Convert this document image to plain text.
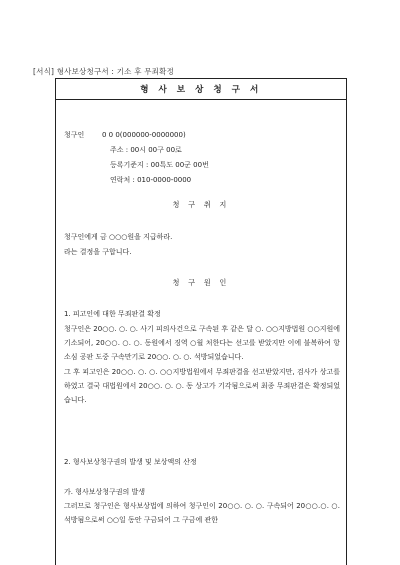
[서식] 형사보상청구서 : 기소 후 무죄확정
형 사 보 상 청 구 서
청구인	0 0 0(000000-0000000)
주소 : 00시 00구 00로
등록기준지 : 00특도 00군 00번
연락처 : 010-0000-0000
청 구 취 지
청구인에게 금 ○○○원을 지급하라.
라는 결정을 구합니다.
청 구 원 인
1. 피고인에 대한 무죄판결 확정

청구인은 20○○. ○. ○. 사기 피의사건으로 구속된 후 같은 달 ○. ○○지방법원 ○○지원에 기소되어, 20○○. ○. ○. 동원에서 징역 ○월 처한다는 선고를 받았지만 이에 불복하여 항소심 공판 도중 구속만기로 20○○. ○. ○. 석방되었습니다.

그 후 피고인은 20○○. ○. ○. ○○지방법원에서 무죄판결을 선고받았지만, 검사가 상고를 하였고 결국 대법원에서 20○○. ○. ○. 동 상고가 기각됨으로써 최종 무죄판결은 확정되었습니다.

2. 형사보상청구권의 발생 및 보상액의 산정
가. 형사보상청구권의 발생

그러므로 청구인은 형사보상법에 의하여 청구인이 20○○. ○. ○. 구속되어 20○○.○. ○. 석방됨으로써 ○○일 동안 구금되어 그 구금에 관한
